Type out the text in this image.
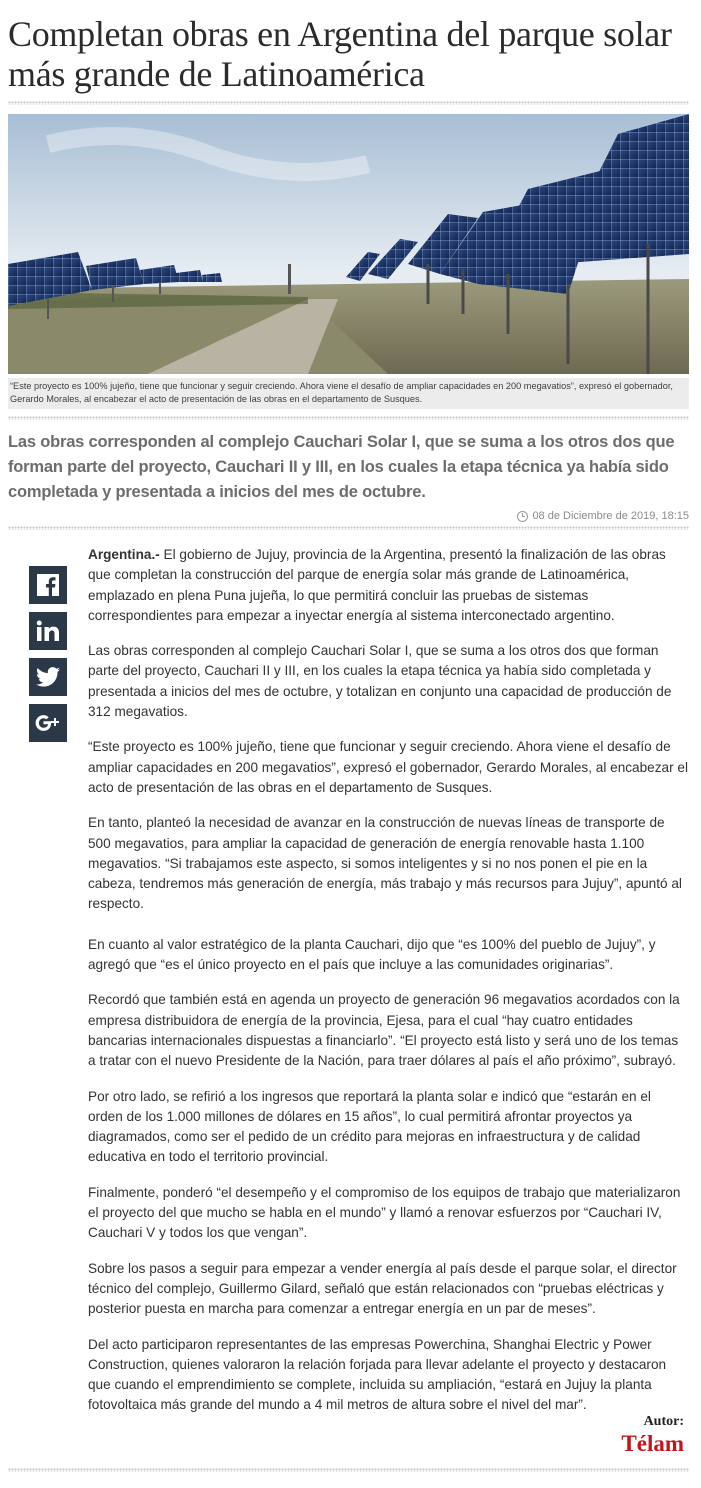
Completan obras en Argentina del parque solar más grande de Latinoamérica
“Este proyecto es 100% jujeño, tiene que funcionar y seguir creciendo. Ahora viene el desafío de ampliar capacidades en 200 megavatios”, expresó el gobernador, Gerardo Morales, al encabezar el acto de presentación de las obras en el departamento de Susques.
Las obras corresponden al complejo Cauchari Solar I, que se suma a los otros dos que forman parte del proyecto, Cauchari II y III, en los cuales la etapa técnica ya había sido completada y presentada a inicios del mes de octubre.
08 de Diciembre de 2019, 18:15

Argentina.- El gobierno de Jujuy, provincia de la Argentina, presentó la finalización de las obras que completan la construcción del parque de energía solar más grande de Latinoamérica, emplazado en plena Puna jujeña, lo que permitirá concluir las pruebas de sistemas correspondientes para empezar a inyectar energía al sistema interconectado argentino.

Las obras corresponden al complejo Cauchari Solar I, que se suma a los otros dos que forman parte del proyecto, Cauchari II y III, en los cuales la etapa técnica ya había sido completada y presentada a inicios del mes de octubre, y totalizan en conjunto una capacidad de producción de 312 megavatios.

“Este proyecto es 100% jujeño, tiene que funcionar y seguir creciendo. Ahora viene el desafío de ampliar capacidades en 200 megavatios”, expresó el gobernador, Gerardo Morales, al encabezar el acto de presentación de las obras en el departamento de Susques.

En tanto, planteó la necesidad de avanzar en la construcción de nuevas líneas de transporte de 500 megavatios, para ampliar la capacidad de generación de energía renovable hasta 1.100 megavatios. “Si trabajamos este aspecto, si somos inteligentes y si no nos ponen el pie en la cabeza, tendremos más generación de energía, más trabajo y más recursos para Jujuy”, apuntó al respecto.

En cuanto al valor estratégico de la planta Cauchari, dijo que “es 100% del pueblo de Jujuy”, y agregó que “es el único proyecto en el país que incluye a las comunidades originarias”.

Recordó que también está en agenda un proyecto de generación 96 megavatios acordados con la empresa distribuidora de energía de la provincia, Ejesa, para el cual “hay cuatro entidades bancarias internacionales dispuestas a financiarlo”. “El proyecto está listo y será uno de los temas a tratar con el nuevo Presidente de la Nación, para traer dólares al país el año próximo”, subrayó.

Por otro lado, se refirió a los ingresos que reportará la planta solar e indicó que “estarán en el orden de los 1.000 millones de dólares en 15 años”, lo cual permitirá afrontar proyectos ya diagramados, como ser el pedido de un crédito para mejoras en infraestructura y de calidad educativa en todo el territorio provincial.

Finalmente, ponderó “el desempeño y el compromiso de los equipos de trabajo que materializaron el proyecto del que mucho se habla en el mundo” y llamó a renovar esfuerzos por “Cauchari IV, Cauchari V y todos los que vengan”.

Sobre los pasos a seguir para empezar a vender energía al país desde el parque solar, el director técnico del complejo, Guillermo Gilard, señaló que están relacionados con “pruebas eléctricas y posterior puesta en marcha para comenzar a entregar energía en un par de meses”.

Del acto participaron representantes de las empresas Powerchina, Shanghai Electric y Power Construction, quienes valoraron la relación forjada para llevar adelante el proyecto y destacaron que cuando el emprendimiento se complete, incluida su ampliación, “estará en Jujuy la planta fotovoltaica más grande del mundo a 4 mil metros de altura sobre el nivel del mar”.

Autor:
Télam
